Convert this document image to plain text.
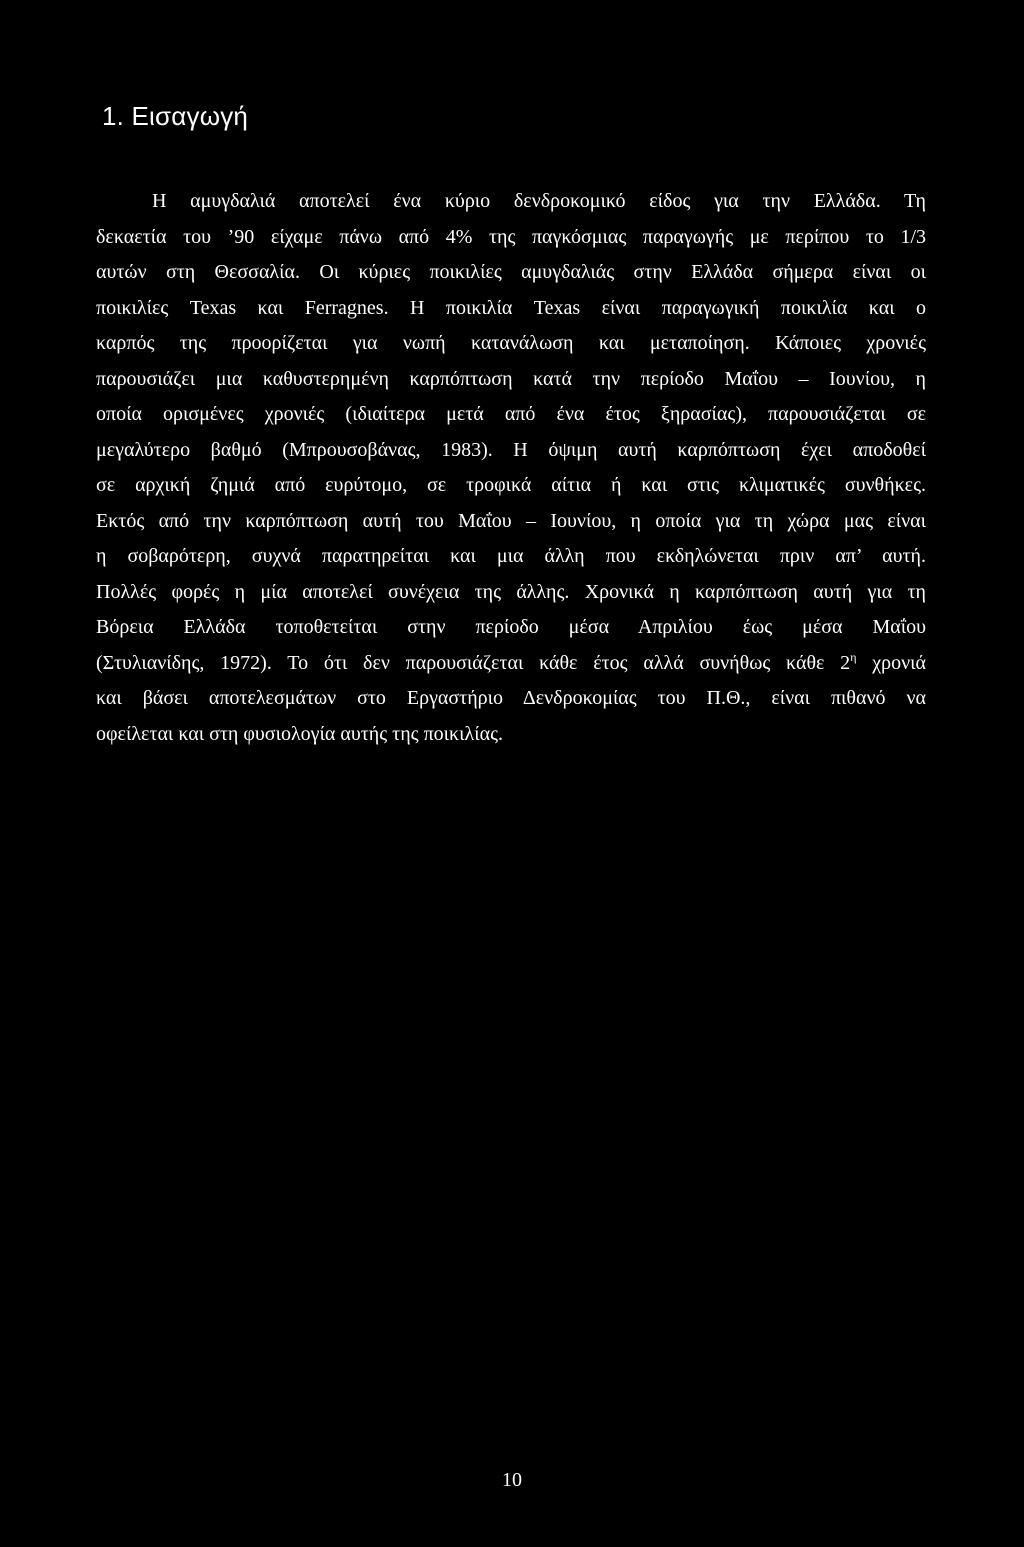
1. Εισαγωγή
Η αμυγδαλιά αποτελεί ένα κύριο δενδροκομικό είδος για την Ελλάδα. Τη
δεκαετία του ’90 είχαμε πάνω από 4% της παγκόσμιας παραγωγής με περίπου το 1/3
αυτών στη Θεσσαλία. Οι κύριες ποικιλίες αμυγδαλιάς στην Ελλάδα σήμερα είναι οι
ποικιλίες Texas και Ferragnes. Η ποικιλία Texas είναι παραγωγική ποικιλία και ο
καρπός της προορίζεται για νωπή κατανάλωση και μεταποίηση. Κάποιες χρονιές
παρουσιάζει μια καθυστερημένη καρπόπτωση κατά την περίοδο Μαΐου – Ιουνίου, η
οποία ορισμένες χρονιές (ιδιαίτερα μετά από ένα έτος ξηρασίας), παρουσιάζεται σε
μεγαλύτερο βαθμό (Μπρουσοβάνας, 1983). Η όψιμη αυτή καρπόπτωση έχει αποδοθεί
σε αρχική ζημιά από ευρύτομο, σε τροφικά αίτια ή και στις κλιματικές συνθήκες.
Εκτός από την καρπόπτωση αυτή του Μαΐου – Ιουνίου, η οποία για τη χώρα μας είναι
η σοβαρότερη, συχνά παρατηρείται και μια άλλη που εκδηλώνεται πριν απ’ αυτή.
Πολλές φορές η μία αποτελεί συνέχεια της άλλης. Χρονικά η καρπόπτωση αυτή για τη
Βόρεια Ελλάδα τοποθετείται στην περίοδο μέσα Απριλίου έως μέσα Μαΐου
(Στυλιανίδης, 1972). Το ότι δεν παρουσιάζεται κάθε έτος αλλά συνήθως κάθε $2^\eta$ χρονιά
και βάσει αποτελεσμάτων στο Εργαστήριο Δενδροκομίας του Π.Θ., είναι πιθανό να
οφείλεται και στη φυσιολογία αυτής της ποικιλίας.
10
